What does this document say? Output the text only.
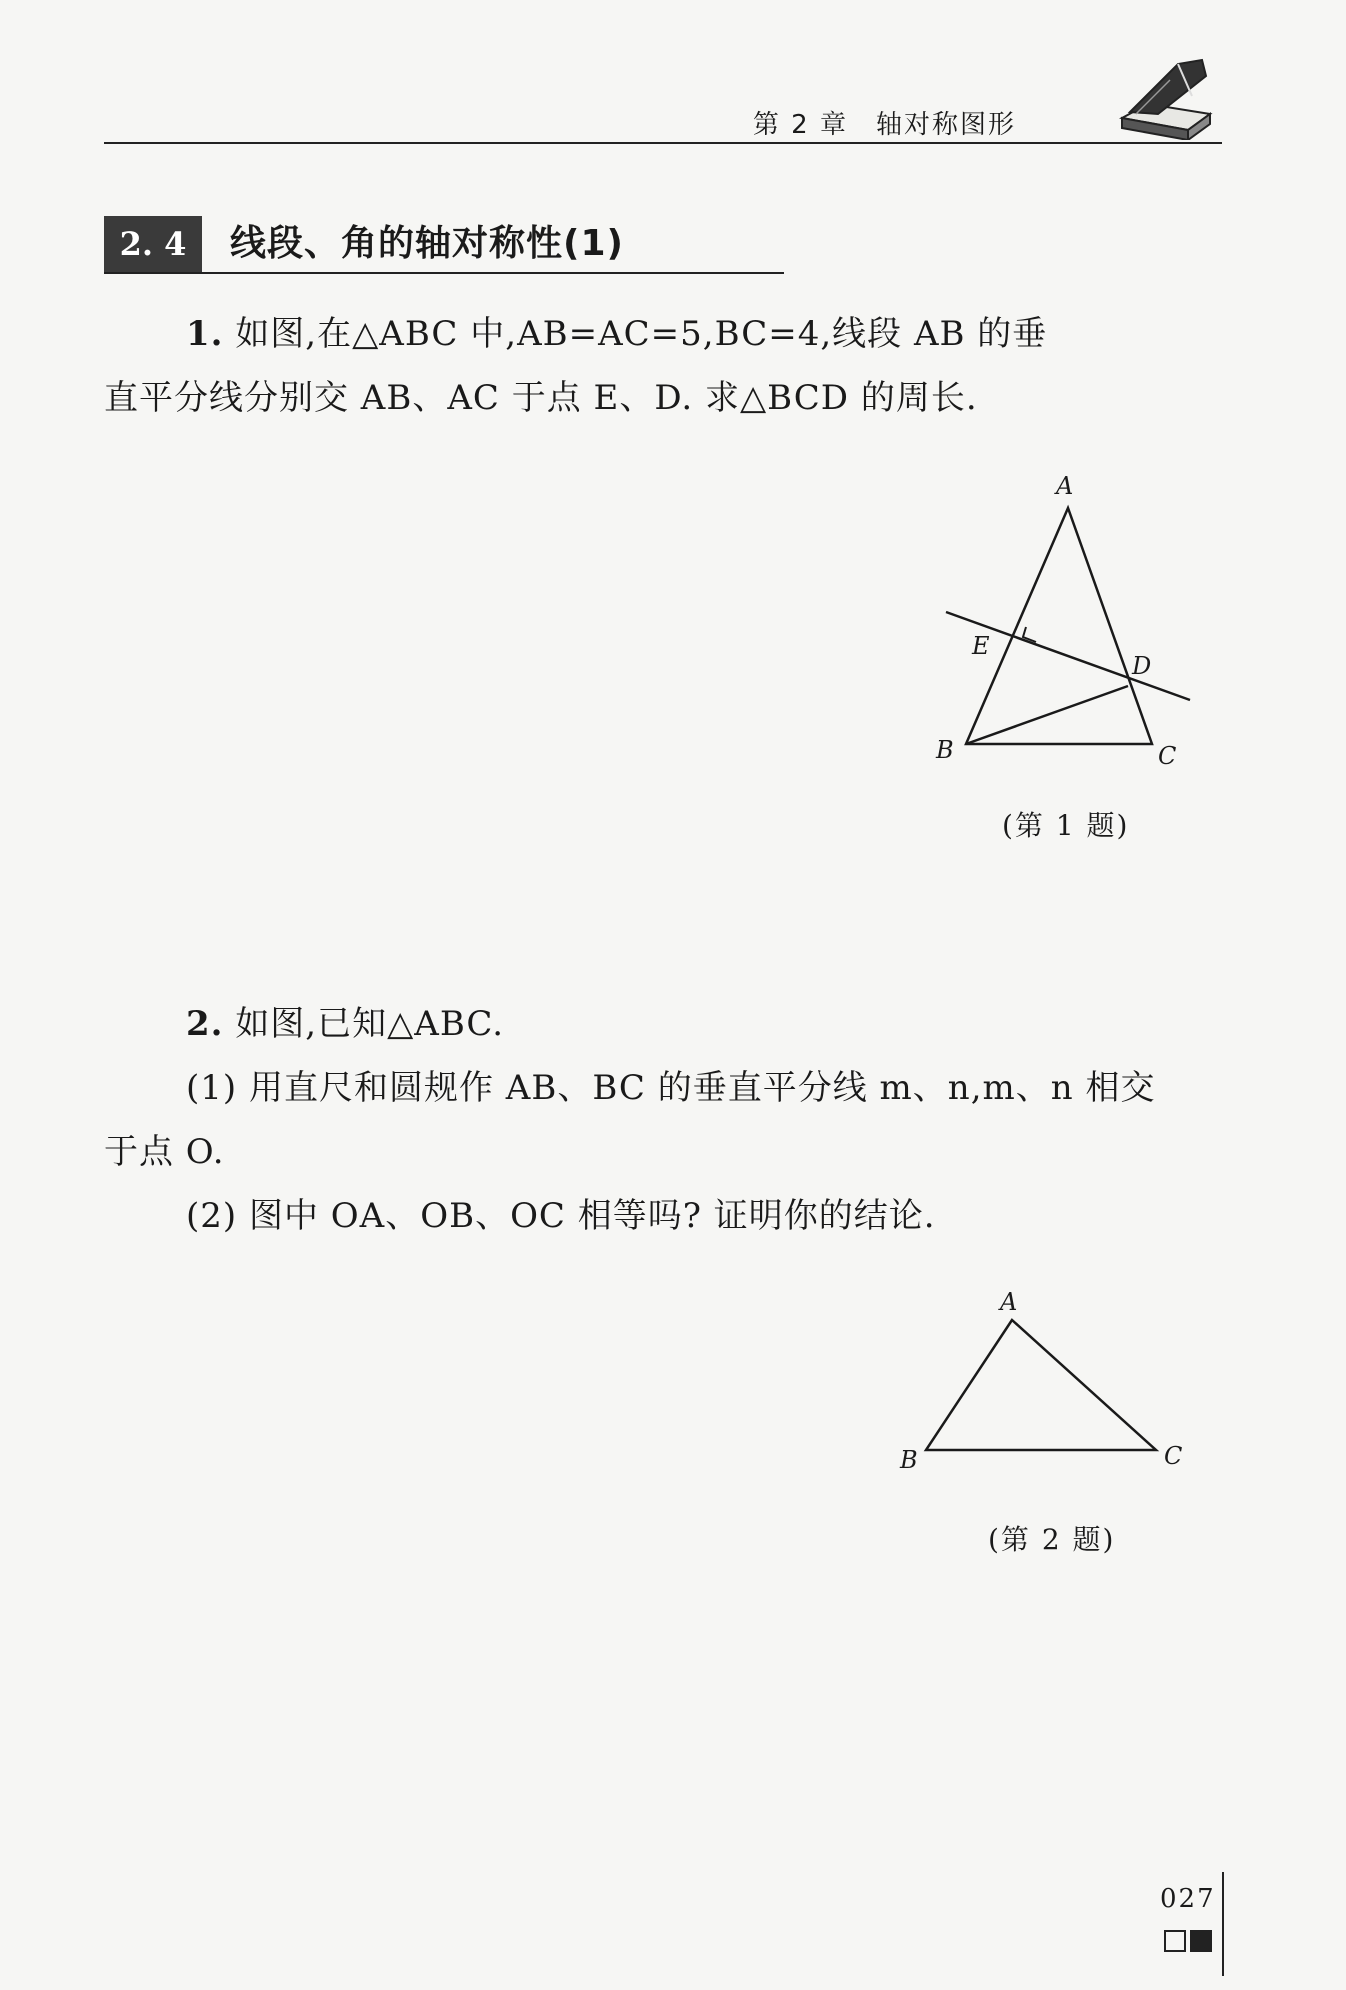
第 2 章 轴对称图形
2. 4	线段、角的轴对称性(1)
1. 如图,在△ABC 中,AB=AC=5,BC=4,线段 AB 的垂
直平分线分别交 AB、AC 于点 E、D. 求△BCD 的周长.
A
E
D
B	C
(第 1 题)
2. 如图,已知△ABC.
(1) 用直尺和圆规作 AB、BC 的垂直平分线 m、n,m、n 相交
于点 O.
(2) 图中 OA、OB、OC 相等吗? 证明你的结论.
A
B	C
(第 2 题)
027
